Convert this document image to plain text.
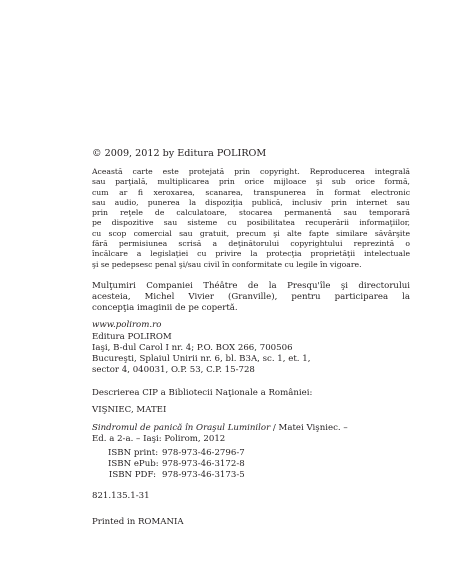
© 2009, 2012 by Editura POLIROM
Această carte este protejată prin copyright. Reproducerea integrală
sau parţială, multiplicarea prin orice mijloace şi sub orice formă,
cum ar fi xeroxarea, scanarea, transpunerea în format electronic
sau audio, punerea la dispoziţia publică, inclusiv prin internet sau
prin reţele de calculatoare, stocarea permanentă sau temporară
pe dispozitive sau sisteme cu posibilitatea recuperării informaţiilor,
cu scop comercial sau gratuit, precum şi alte fapte similare săvârşite
fără permisiunea scrisă a deţinătorului copyrightului reprezintă o
încălcare a legislaţiei cu privire la protecţia proprietăţii intelectuale
şi se pedepsesc penal şi/sau civil în conformitate cu legile în vigoare.
Mulţumiri Companiei Théâtre de la Presqu'île şi directorului
acesteia, Michel Vivier (Granville), pentru participarea la
concepţia imaginii de pe copertă.
www.polirom.ro
Editura POLIROM
Iaşi, B-dul Carol I nr. 4; P.O. BOX 266, 700506
Bucureşti, Splaiul Unirii nr. 6, bl. B3A, sc. 1, et. 1,
sector 4, 040031, O.P. 53, C.P. 15-728
Descrierea CIP a Bibliotecii Naţionale a României:
VIŞNIEC, MATEI
Sindromul de panică în Oraşul Luminilor / Matei Vişniec. –
Ed. a 2-a. – Iaşi: Polirom, 2012
ISBN print: 978-973-46-2796-7
ISBN ePub: 978-973-46-3172-8
ISBN PDF: 978-973-46-3173-5
821.135.1-31
Printed in ROMANIA
